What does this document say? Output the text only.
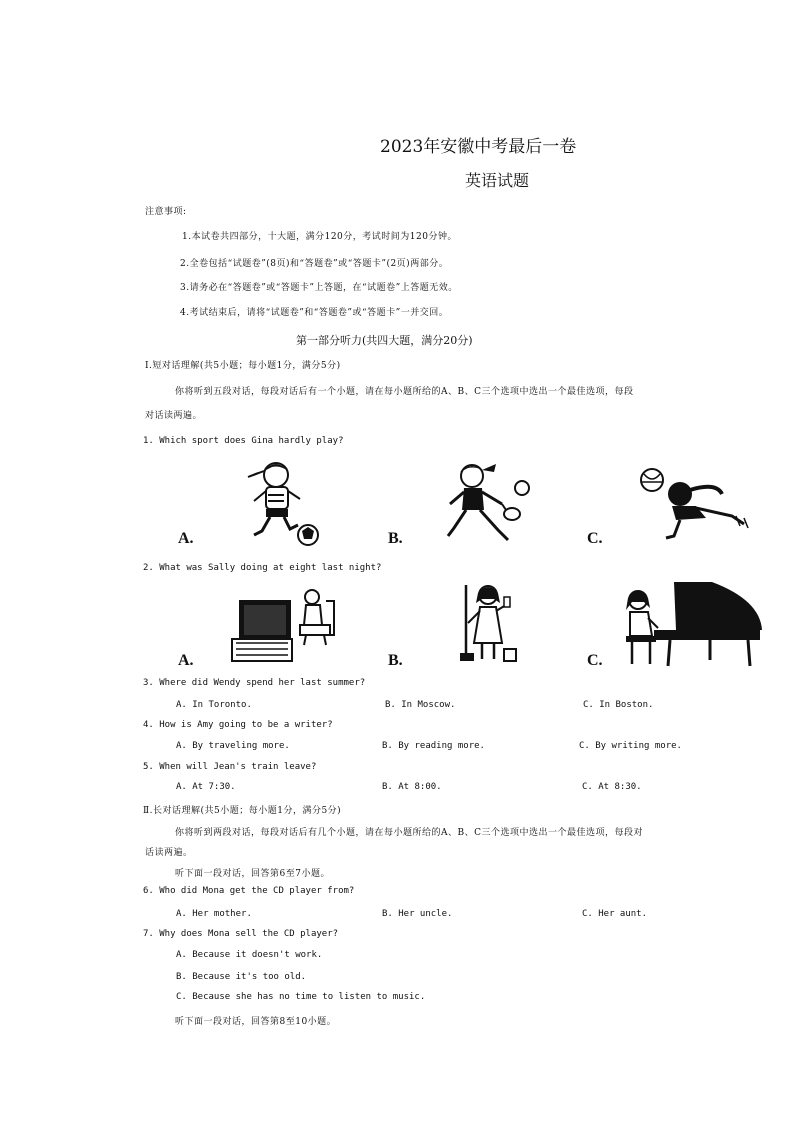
2023年安徽中考最后一卷
英语试题
注意事项:
1.本试卷共四部分，十大题，满分120分，考试时间为120分钟。
2.全卷包括“试题卷”(8页)和“答题卷”或“答题卡”(2页)两部分。
3.请务必在“答题卷”或“答题卡”上答题，在“试题卷”上答题无效。
4.考试结束后，请将“试题卷”和“答题卷”或“答题卡”一并交回。
第一部分听力(共四大题，满分20分)
Ⅰ.短对话理解(共5小题；每小题1分，满分5分)
你将听到五段对话，每段对话后有一个小题，请在每小题所给的A、B、C三个选项中选出一个最佳选项，每段
对话读两遍。
1. Which sport does Gina hardly play?
A.	B.	C.
2. What was Sally doing at eight last night?
A.	B.	C.
3. Where did Wendy spend her last summer?
A. In Toronto.	B. In Moscow.	C. In Boston.
4. How is Amy going to be a writer?
A. By traveling more.	B. By reading more.	C. By writing more.
5. When will Jean's train leave?
A. At 7:30.	B. At 8:00.	C. At 8:30.
Ⅱ.长对话理解(共5小题；每小题1分，满分5分)
你将听到两段对话，每段对话后有几个小题，请在每小题所给的A、B、C三个选项中选出一个最佳选项，每段对
话读两遍。
听下面一段对话，回答第6至7小题。
6. Who did Mona get the CD player from?
A. Her mother.	B. Her uncle.	C. Her aunt.
7. Why does Mona sell the CD player?
A. Because it doesn't work.
B. Because it's too old.
C. Because she has no time to listen to music.
听下面一段对话，回答第8至10小题。
